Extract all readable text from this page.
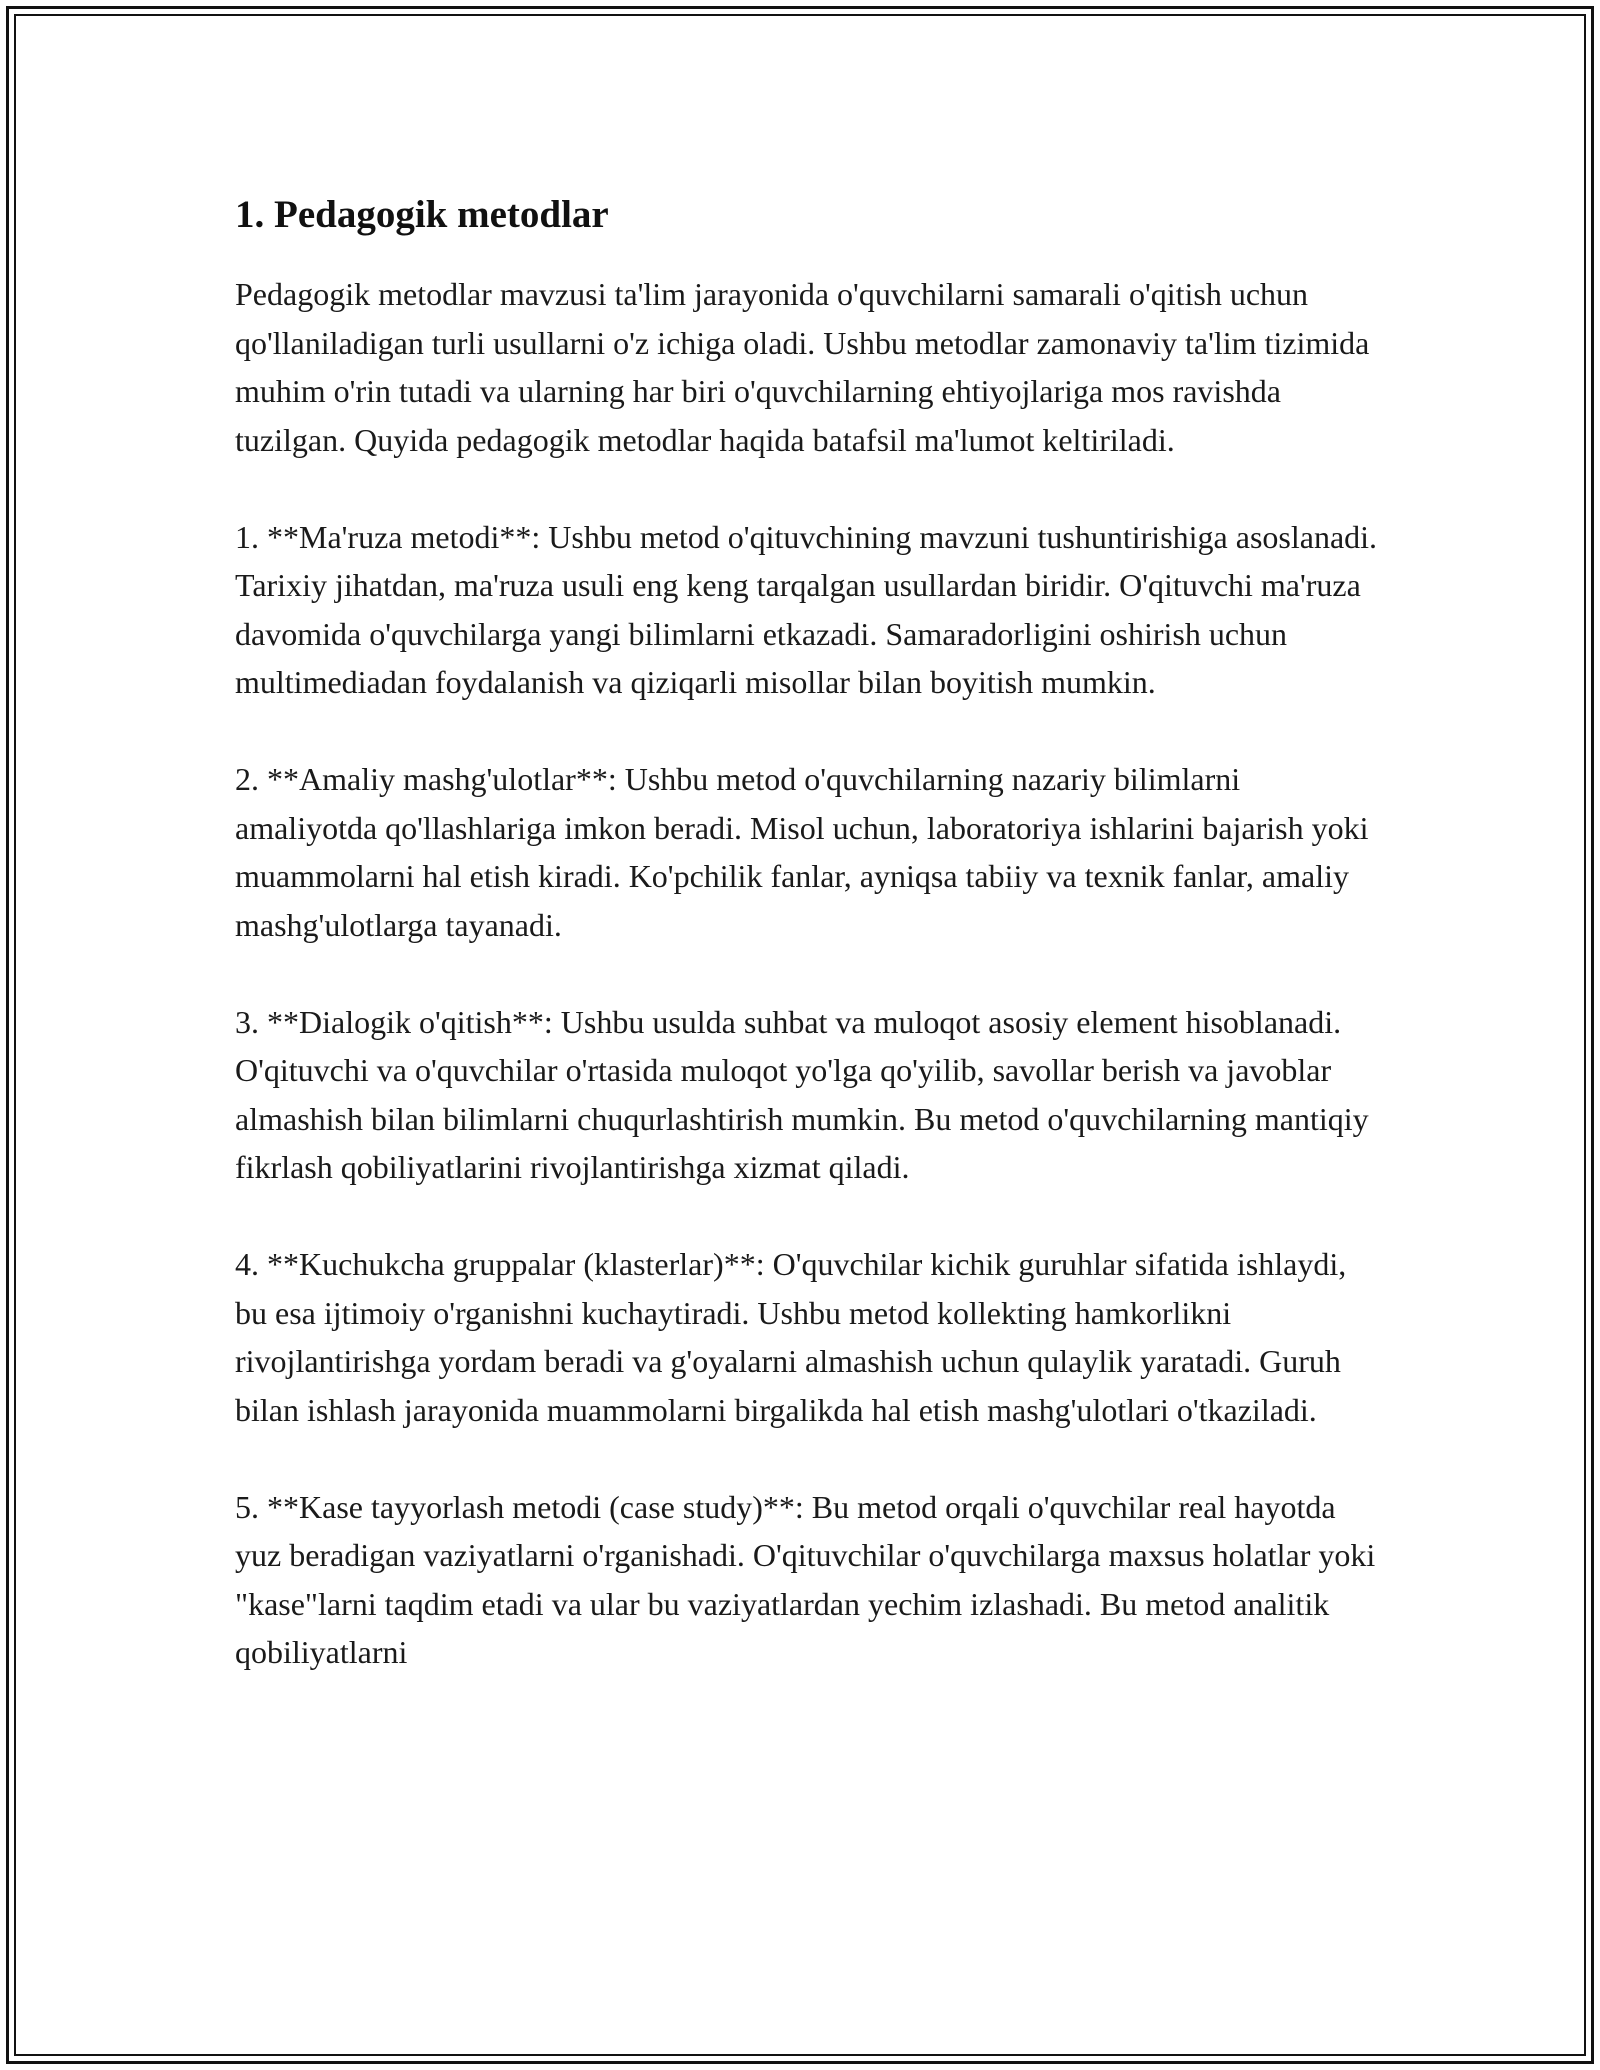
1. Pedagogik metodlar

Pedagogik metodlar mavzusi ta'lim jarayonida o'quvchilarni samarali o'qitish uchun qo'llaniladigan turli usullarni o'z ichiga oladi. Ushbu metodlar zamonaviy ta'lim tizimida muhim o'rin tutadi va ularning har biri o'quvchilarning ehtiyojlariga mos ravishda tuzilgan. Quyida pedagogik metodlar haqida batafsil ma'lumot keltiriladi.

1. **Ma'ruza metodi**: Ushbu metod o'qituvchining mavzuni tushuntirishiga asoslanadi. Tarixiy jihatdan, ma'ruza usuli eng keng tarqalgan usullardan biridir. O'qituvchi ma'ruza davomida o'quvchilarga yangi bilimlarni etkazadi. Samaradorligini oshirish uchun multimediadan foydalanish va qiziqarli misollar bilan boyitish mumkin.

2. **Amaliy mashg'ulotlar**: Ushbu metod o'quvchilarning nazariy bilimlarni amaliyotda qo'llashlariga imkon beradi. Misol uchun, laboratoriya ishlarini bajarish yoki muammolarni hal etish kiradi. Ko'pchilik fanlar, ayniqsa tabiiy va texnik fanlar, amaliy mashg'ulotlarga tayanadi.

3. **Dialogik o'qitish**: Ushbu usulda suhbat va muloqot asosiy element hisoblanadi. O'qituvchi va o'quvchilar o'rtasida muloqot yo'lga qo'yilib, savollar berish va javoblar almashish bilan bilimlarni chuqurlashtirish mumkin. Bu metod o'quvchilarning mantiqiy fikrlash qobiliyatlarini rivojlantirishga xizmat qiladi.

4. **Kuchukcha gruppalar (klasterlar)**: O'quvchilar kichik guruhlar sifatida ishlaydi, bu esa ijtimoiy o'rganishni kuchaytiradi. Ushbu metod kollekting hamkorlikni rivojlantirishga yordam beradi va g'oyalarni almashish uchun qulaylik yaratadi. Guruh bilan ishlash jarayonida muammolarni birgalikda hal etish mashg'ulotlari o'tkaziladi.

5. **Kase tayyorlash metodi (case study)**: Bu metod orqali o'quvchilar real hayotda yuz beradigan vaziyatlarni o'rganishadi. O'qituvchilar o'quvchilarga maxsus holatlar yoki "kase"larni taqdim etadi va ular bu vaziyatlardan yechim izlashadi. Bu metod analitik qobiliyatlarni
